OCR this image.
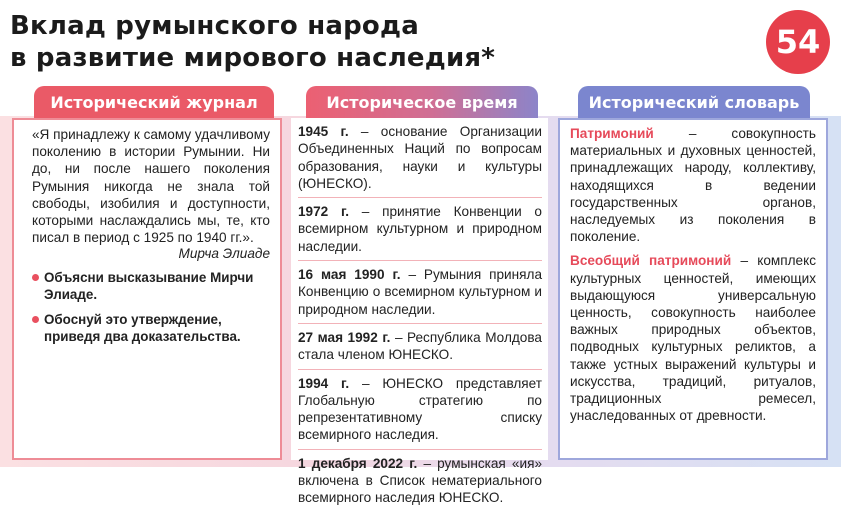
Вклад румынского народа
в развитие мирового наследия*	54
Исторический журнал	Историческое время	Исторический словарь

«Я принадлежу к самому удачливому поколению в истории Румынии. Ни до, ни после нашего поколения Румыния никогда не знала той свободы, изобилия и доступности, которыми наслаждались мы, те, кто писал в период с 1925 по 1940 гг.».

Мирча Элиаде

Объясни высказывание Мирчи Элиаде.
Обоснуй это утверждение, приведя два доказательства.

1945 г. – основание Организации Объединенных Наций по вопросам образования, науки и культуры (ЮНЕСКО).

1972 г. – принятие Конвенции о всемирном культурном и природном наследии.

16 мая 1990 г. – Румыния приняла Конвенцию о всемирном культурном и природном наследии.

27 мая 1992 г. – Республика Молдова стала членом ЮНЕСКО.

1994 г. – ЮНЕСКО представляет Глобальную стратегию по репрезентативному списку всемирного наследия.

1 декабря 2022 г. – румынская «ия» включена в Список нематериального всемирного наследия ЮНЕСКО.

Патримоний – совокупность материальных и духовных ценностей, принадлежащих народу, коллективу, находящихся в ведении государственных органов, наследуемых из поколения в поколение.

Всеобщий патримоний – комплекс культурных ценностей, имеющих выдающуюся универсальную ценность, совокупность наиболее важных природных объектов, подводных культурных реликтов, а также устных выражений культуры и искусства, традиций, ритуалов, традиционных ремесел, унаследованных от древности.
